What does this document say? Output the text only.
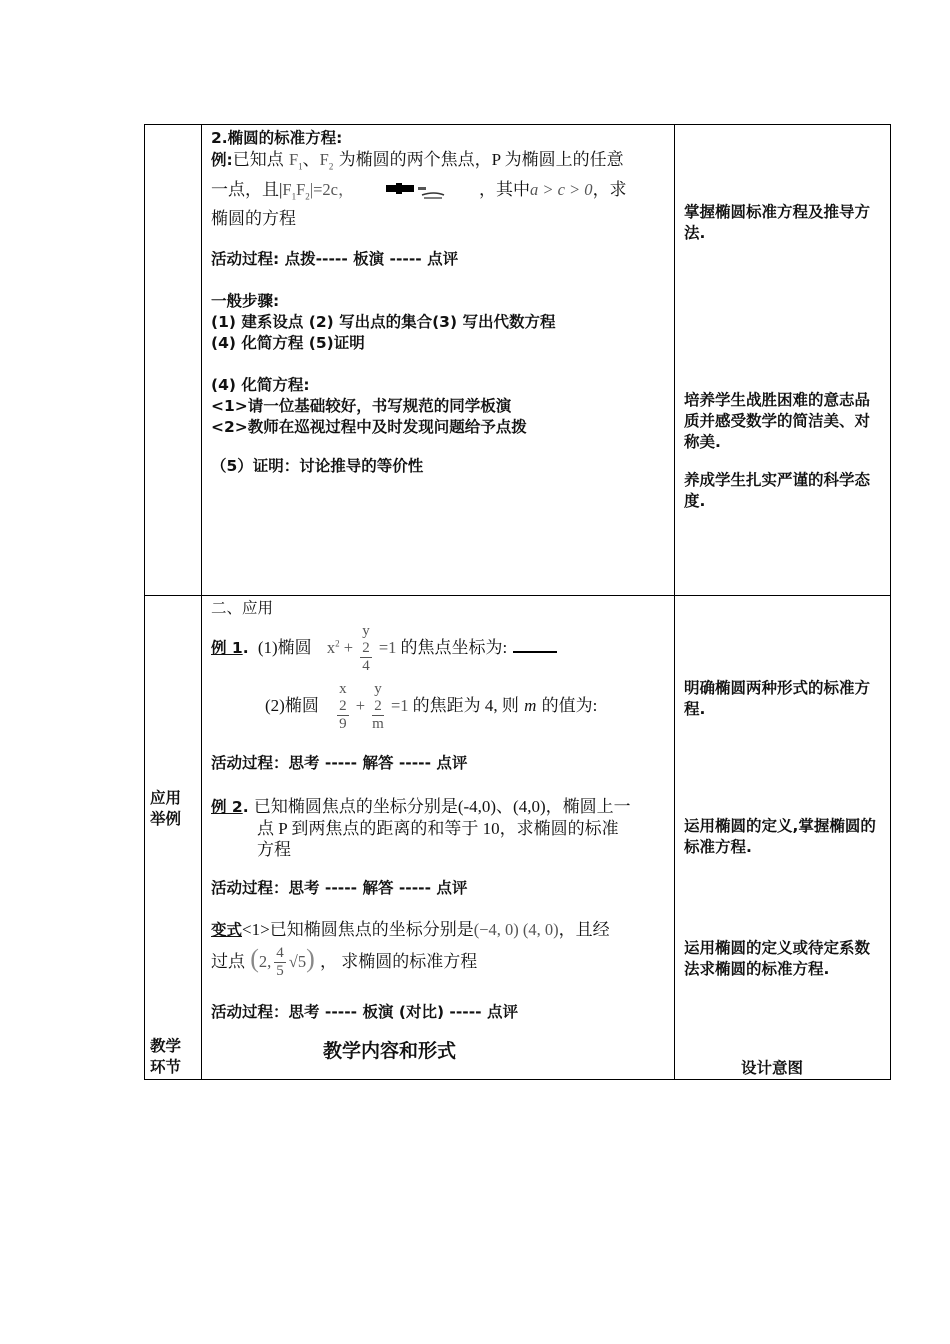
2.椭圆的标准方程:
例:已知点 $F_1$、$F_2$ 为椭圆的两个焦点，P 为椭圆上的任意
一点，且$|F_1F_2|=2c$，	，其中a > c > 0，求
椭圆的方程
活动过程: 点拨----- 板演 ----- 点评
一般步骤:
(1) 建系设点 (2) 写出点的集合(3) 写出代数方程
(4) 化简方程 (5)证明
(4) 化简方程:
<1>请一位基础较好，书写规范的同学板演
<2>教师在巡视过程中及时发现问题给予点拨
（5）证明：讨论推导的等价性
掌握椭圆标准方程及推导方法.
培养学生战胜困难的意志品质并感受数学的简洁美、对称美.
养成学生扎实严谨的科学态度.
应用举例
教学环节
二、应用
例 1. (1)椭圆 $x^2 + y$
2
4 =1 的焦点坐标为:
(2)椭圆 x
2
9 + y
2
m =1 的焦距为 4, 则 m 的值为:
活动过程：思考 ----- 解答 ----- 点评
例 2. 已知椭圆焦点的坐标分别是(-4,0)、(4,0)，椭圆上一
点 P 到两焦点的距离的和等于 10，求椭圆的标准
方程
活动过程：思考 ----- 解答 ----- 点评
变式<1>已知椭圆焦点的坐标分别是(−4, 0) (4, 0)，且经
过点 (2, $\frac{4}{5} √5$) ， 求椭圆的标准方程
活动过程：思考 ----- 板演 (对比) ----- 点评
教学内容和形式
明确椭圆两种形式的标准方程.
运用椭圆的定义,掌握椭圆的标准方程.
运用椭圆的定义或待定系数法求椭圆的标准方程.
设计意图
